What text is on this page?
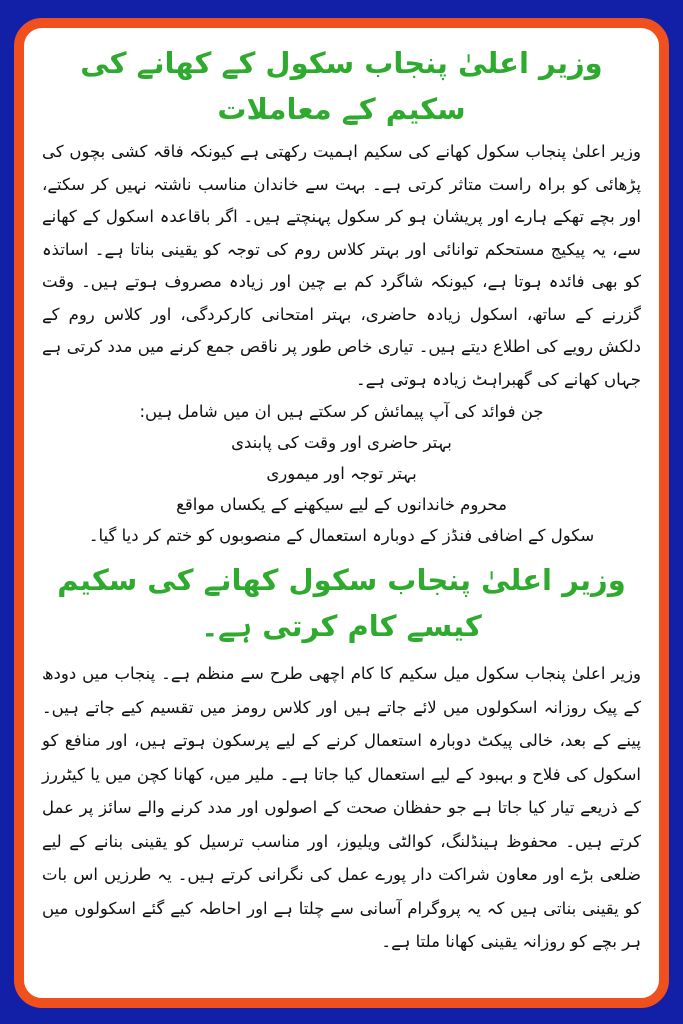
وزیر اعلیٰ پنجاب سکول کے کھانے کی سکیم کے معاملات

وزیر اعلیٰ پنجاب سکول کھانے کی سکیم اہمیت رکھتی ہے کیونکہ فاقہ کشی بچوں کی پڑھائی کو براہ راست متاثر کرتی ہے۔ بہت سے خاندان مناسب ناشتہ نہیں کر سکتے، اور بچے تھکے ہارے اور پریشان ہو کر سکول پہنچتے ہیں۔ اگر باقاعدہ اسکول کے کھانے سے، یہ پیکیج مستحکم توانائی اور بہتر کلاس روم کی توجہ کو یقینی بناتا ہے۔ اساتذہ کو بھی فائدہ ہوتا ہے، کیونکہ شاگرد کم بے چین اور زیادہ مصروف ہوتے ہیں۔ وقت گزرنے کے ساتھ، اسکول زیادہ حاضری، بہتر امتحانی کارکردگی، اور کلاس روم کے دلکش رویے کی اطلاع دیتے ہیں۔ تیاری خاص طور پر ناقص جمع کرنے میں مدد کرتی ہے جہاں کھانے کی گھبراہٹ زیادہ ہوتی ہے۔

جن فوائد کی آپ پیمائش کر سکتے ہیں ان میں شامل ہیں:

بہتر حاضری اور وقت کی پابندی

بہتر توجہ اور میموری

محروم خاندانوں کے لیے سیکھنے کے یکساں مواقع

سکول کے اضافی فنڈز کے دوبارہ استعمال کے منصوبوں کو ختم کر دیا گیا۔

وزیر اعلیٰ پنجاب سکول کھانے کی سکیم کیسے کام کرتی ہے۔

وزیر اعلیٰ پنجاب سکول میل سکیم کا کام اچھی طرح سے منظم ہے۔ پنجاب میں دودھ کے پیک روزانہ اسکولوں میں لائے جاتے ہیں اور کلاس رومز میں تقسیم کیے جاتے ہیں۔ پینے کے بعد، خالی پیکٹ دوبارہ استعمال کرنے کے لیے پرسکون ہوتے ہیں، اور منافع کو اسکول کی فلاح و بہبود کے لیے استعمال کیا جاتا ہے۔ ملیر میں، کھانا کچن میں یا کیٹررز کے ذریعے تیار کیا جاتا ہے جو حفظان صحت کے اصولوں اور مدد کرنے والے سائز پر عمل کرتے ہیں۔ محفوظ ہینڈلنگ، کوالٹی ویلیوز، اور مناسب ترسیل کو یقینی بنانے کے لیے ضلعی بڑے اور معاون شراکت دار پورے عمل کی نگرانی کرتے ہیں۔ یہ طرزیں اس بات کو یقینی بناتی ہیں کہ یہ پروگرام آسانی سے چلتا ہے اور احاطہ کیے گئے اسکولوں میں ہر بچے کو روزانہ یقینی کھانا ملتا ہے۔
